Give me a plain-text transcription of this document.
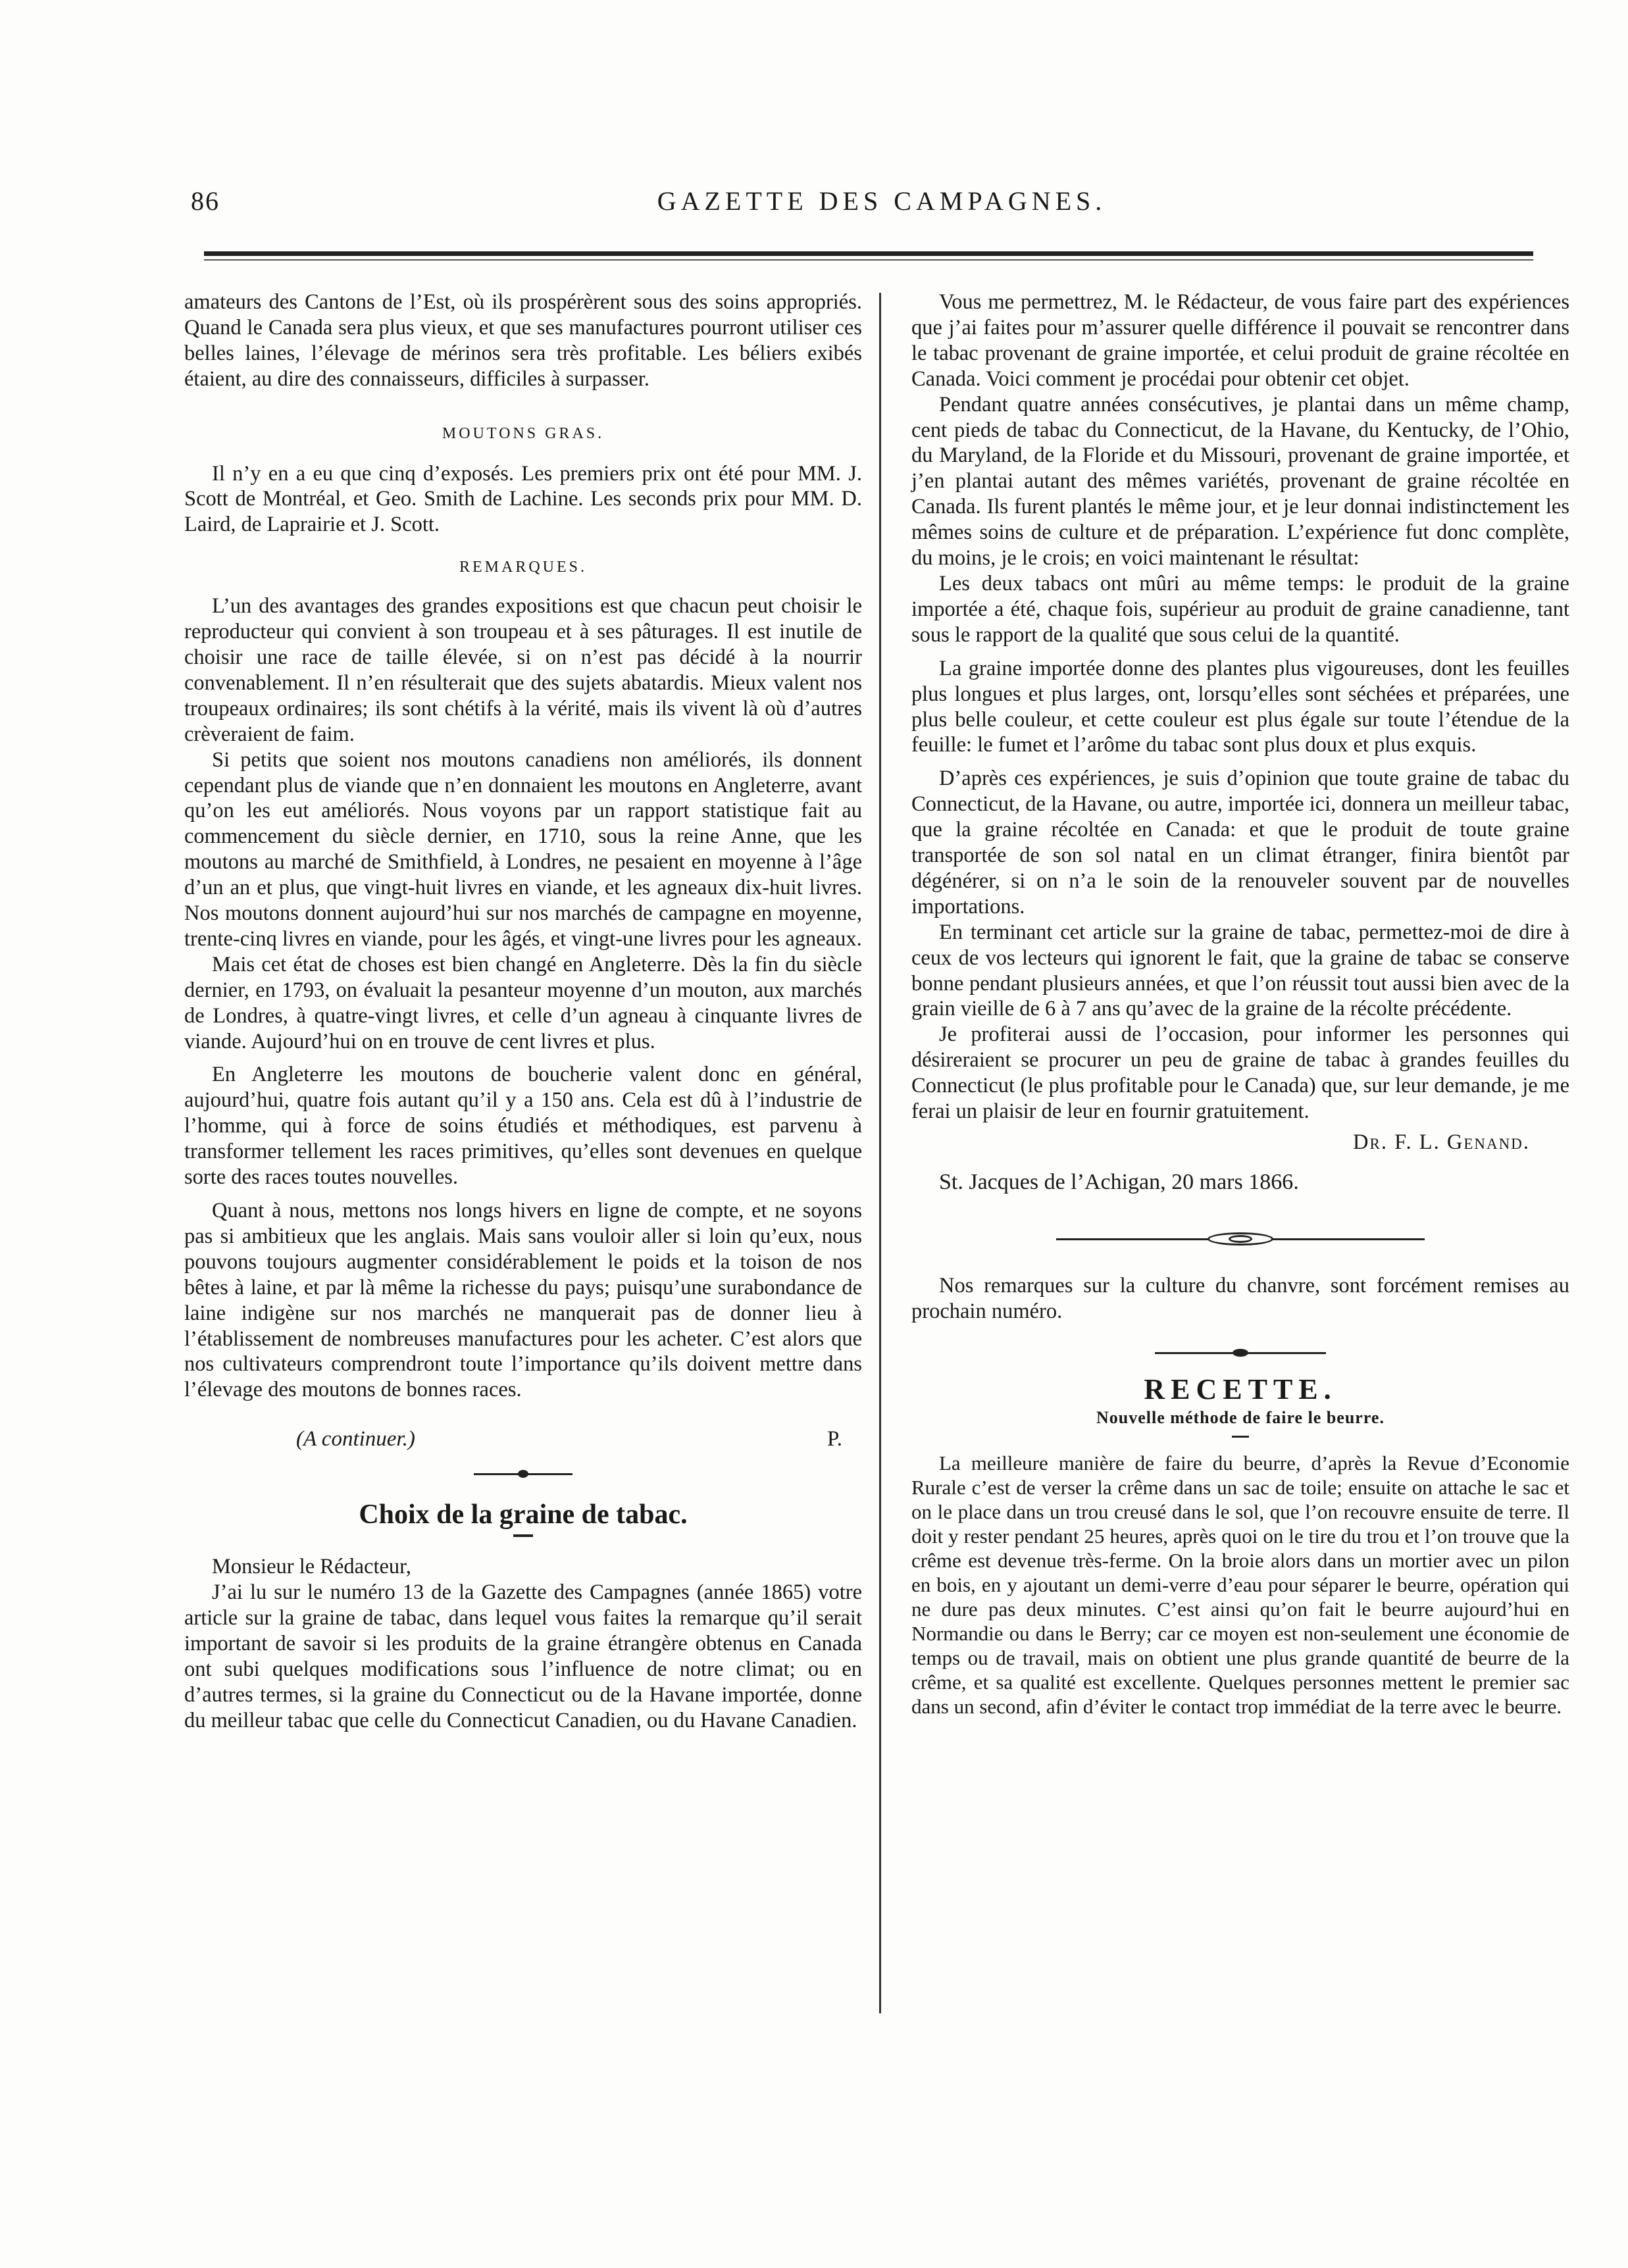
86	GAZETTE DES CAMPAGNES.

amateurs des Cantons de l’Est, où ils prospérèrent sous des soins appropriés. Quand le Canada sera plus vieux, et que ses manufactures pourront utiliser ces belles laines, l’élevage de mérinos sera très profitable. Les béliers exibés étaient, au dire des connaisseurs, difficiles à surpasser.

MOUTONS GRAS.

Il n’y en a eu que cinq d’exposés. Les premiers prix ont été pour MM. J. Scott de Montréal, et Geo. Smith de Lachine. Les seconds prix pour MM. D. Laird, de Laprairie et J. Scott.

REMARQUES.

L’un des avantages des grandes expositions est que chacun peut choisir le reproducteur qui convient à son troupeau et à ses pâturages. Il est inutile de choisir une race de taille élevée, si on n’est pas décidé à la nourrir convenablement. Il n’en résulterait que des sujets abatardis. Mieux valent nos troupeaux ordinaires; ils sont chétifs à la vérité, mais ils vivent là où d’autres crèveraient de faim.

Si petits que soient nos moutons canadiens non améliorés, ils donnent cependant plus de viande que n’en donnaient les moutons en Angleterre, avant qu’on les eut améliorés. Nous voyons par un rapport statistique fait au commencement du siècle dernier, en 1710, sous la reine Anne, que les moutons au marché de Smithfield, à Londres, ne pesaient en moyenne à l’âge d’un an et plus, que vingt-huit livres en viande, et les agneaux dix-huit livres. Nos moutons donnent aujourd’hui sur nos marchés de campagne en moyenne, trente-cinq livres en viande, pour les âgés, et vingt-une livres pour les agneaux.

Mais cet état de choses est bien changé en Angleterre. Dès la fin du siècle dernier, en 1793, on évaluait la pesanteur moyenne d’un mouton, aux marchés de Londres, à quatre-vingt livres, et celle d’un agneau à cinquante livres de viande. Aujourd’hui on en trouve de cent livres et plus.

En Angleterre les moutons de boucherie valent donc en général, aujourd’hui, quatre fois autant qu’il y a 150 ans. Cela est dû à l’industrie de l’homme, qui à force de soins étudiés et méthodiques, est parvenu à transformer tellement les races primitives, qu’elles sont devenues en quelque sorte des races toutes nouvelles.

Quant à nous, mettons nos longs hivers en ligne de compte, et ne soyons pas si ambitieux que les anglais. Mais sans vouloir aller si loin qu’eux, nous pouvons toujours augmenter considérablement le poids et la toison de nos bêtes à laine, et par là même la richesse du pays; puisqu’une surabondance de laine indigène sur nos marchés ne manquerait pas de donner lieu à l’établissement de nombreuses manufactures pour les acheter. C’est alors que nos cultivateurs comprendront toute l’importance qu’ils doivent mettre dans l’élevage des moutons de bonnes races.

(A continuer.)	P.
Choix de la graine de tabac.

Monsieur le Rédacteur,

J’ai lu sur le numéro 13 de la Gazette des Campagnes (année 1865) votre article sur la graine de tabac, dans lequel vous faites la remarque qu’il serait important de savoir si les produits de la graine étrangère obtenus en Canada ont subi quelques modifications sous l’influence de notre climat; ou en d’autres termes, si la graine du Connecticut ou de la Havane importée, donne du meilleur tabac que celle du Connecticut Canadien, ou du Havane Canadien.

Vous me permettrez, M. le Rédacteur, de vous faire part des expériences que j’ai faites pour m’assurer quelle différence il pouvait se rencontrer dans le tabac provenant de graine importée, et celui produit de graine récoltée en Canada. Voici comment je procédai pour obtenir cet objet.

Pendant quatre années consécutives, je plantai dans un même champ, cent pieds de tabac du Connecticut, de la Havane, du Kentucky, de l’Ohio, du Maryland, de la Floride et du Missouri, provenant de graine importée, et j’en plantai autant des mêmes variétés, provenant de graine récoltée en Canada. Ils furent plantés le même jour, et je leur donnai indistinctement les mêmes soins de culture et de préparation. L’expérience fut donc complète, du moins, je le crois; en voici maintenant le résultat:

Les deux tabacs ont mûri au même temps: le produit de la graine importée a été, chaque fois, supérieur au produit de graine canadienne, tant sous le rapport de la qualité que sous celui de la quantité.

La graine importée donne des plantes plus vigoureuses, dont les feuilles plus longues et plus larges, ont, lorsqu’elles sont séchées et préparées, une plus belle couleur, et cette couleur est plus égale sur toute l’étendue de la feuille: le fumet et l’arôme du tabac sont plus doux et plus exquis.

D’après ces expériences, je suis d’opinion que toute graine de tabac du Connecticut, de la Havane, ou autre, importée ici, donnera un meilleur tabac, que la graine récoltée en Canada: et que le produit de toute graine transportée de son sol natal en un climat étranger, finira bientôt par dégénérer, si on n’a le soin de la renouveler souvent par de nouvelles importations.

En terminant cet article sur la graine de tabac, permettez-moi de dire à ceux de vos lecteurs qui ignorent le fait, que la graine de tabac se conserve bonne pendant plusieurs années, et que l’on réussit tout aussi bien avec de la grain vieille de 6 à 7 ans qu’avec de la graine de la récolte précédente.

Je profiterai aussi de l’occasion, pour informer les personnes qui désireraient se procurer un peu de graine de tabac à grandes feuilles du Connecticut (le plus profitable pour le Canada) que, sur leur demande, je me ferai un plaisir de leur en fournir gratuitement.

Dr. F. L. Genand.
St. Jacques de l’Achigan, 20 mars 1866.

Nos remarques sur la culture du chanvre, sont forcément remises au prochain numéro.

RECETTE.
Nouvelle méthode de faire le beurre.

La meilleure manière de faire du beurre, d’après la Revue d’Economie Rurale c’est de verser la crême dans un sac de toile; ensuite on attache le sac et on le place dans un trou creusé dans le sol, que l’on recouvre ensuite de terre. Il doit y rester pendant 25 heures, après quoi on le tire du trou et l’on trouve que la crême est devenue très-ferme. On la broie alors dans un mortier avec un pilon en bois, en y ajoutant un demi-verre d’eau pour séparer le beurre, opération qui ne dure pas deux minutes. C’est ainsi qu’on fait le beurre aujourd’hui en Normandie ou dans le Berry; car ce moyen est non-seulement une économie de temps ou de travail, mais on obtient une plus grande quantité de beurre de la crême, et sa qualité est excellente. Quelques personnes mettent le premier sac dans un second, afin d’éviter le contact trop immédiat de la terre avec le beurre.
